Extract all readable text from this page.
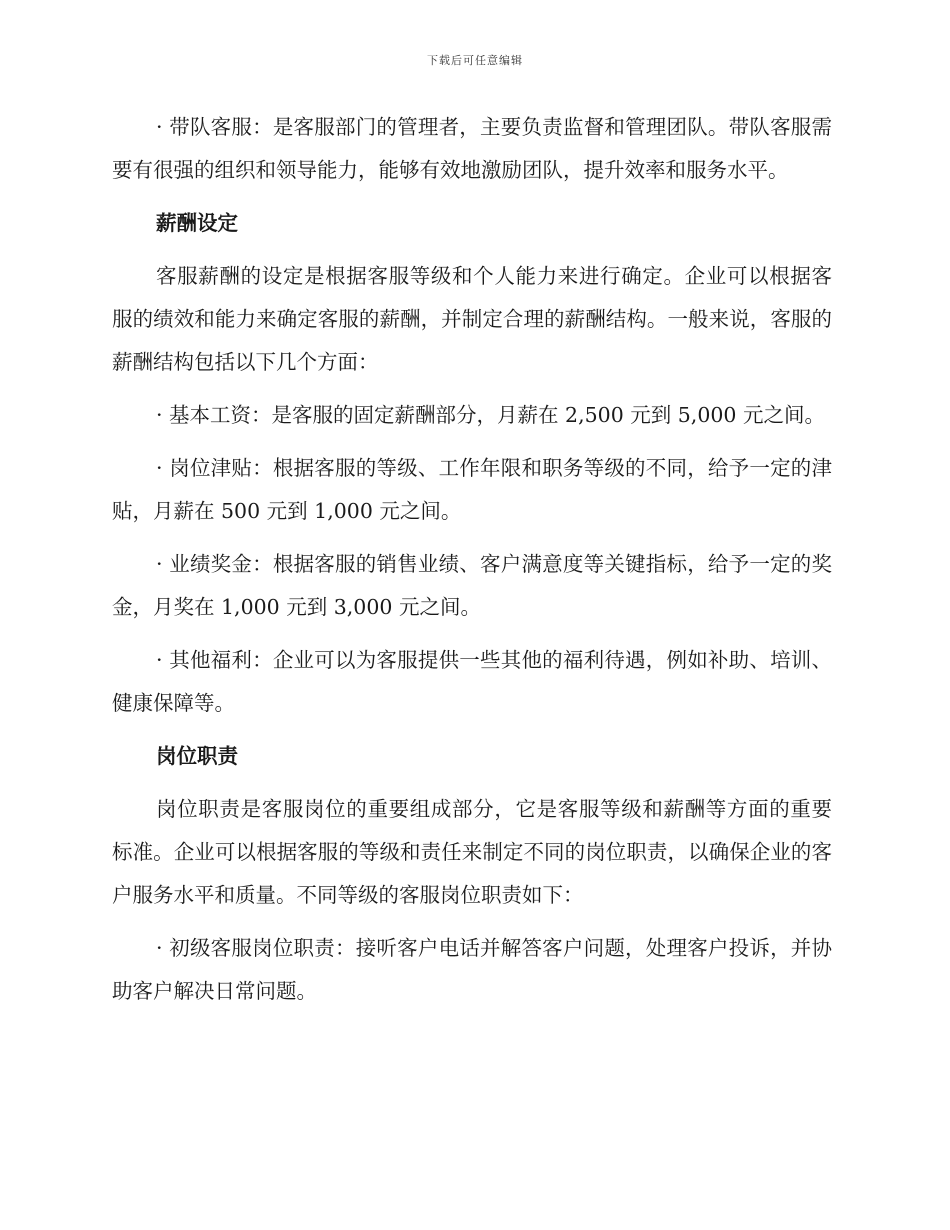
下载后可任意编辑

· 带队客服：是客服部门的管理者，主要负责监督和管理团队。带队客服需要有很强的组织和领导能力，能够有效地激励团队，提升效率和服务水平。

薪酬设定

客服薪酬的设定是根据客服等级和个人能力来进行确定。企业可以根据客服的绩效和能力来确定客服的薪酬，并制定合理的薪酬结构。一般来说，客服的薪酬结构包括以下几个方面：

· 基本工资：是客服的固定薪酬部分，月薪在 2,500 元到 5,000 元之间。

· 岗位津贴：根据客服的等级、工作年限和职务等级的不同，给予一定的津贴，月薪在 500 元到 1,000 元之间。

· 业绩奖金：根据客服的销售业绩、客户满意度等关键指标，给予一定的奖金，月奖在 1,000 元到 3,000 元之间。

· 其他福利：企业可以为客服提供一些其他的福利待遇，例如补助、培训、健康保障等。

岗位职责

岗位职责是客服岗位的重要组成部分，它是客服等级和薪酬等方面的重要标准。企业可以根据客服的等级和责任来制定不同的岗位职责，以确保企业的客户服务水平和质量。不同等级的客服岗位职责如下：

· 初级客服岗位职责：接听客户电话并解答客户问题，处理客户投诉，并协助客户解决日常问题。
